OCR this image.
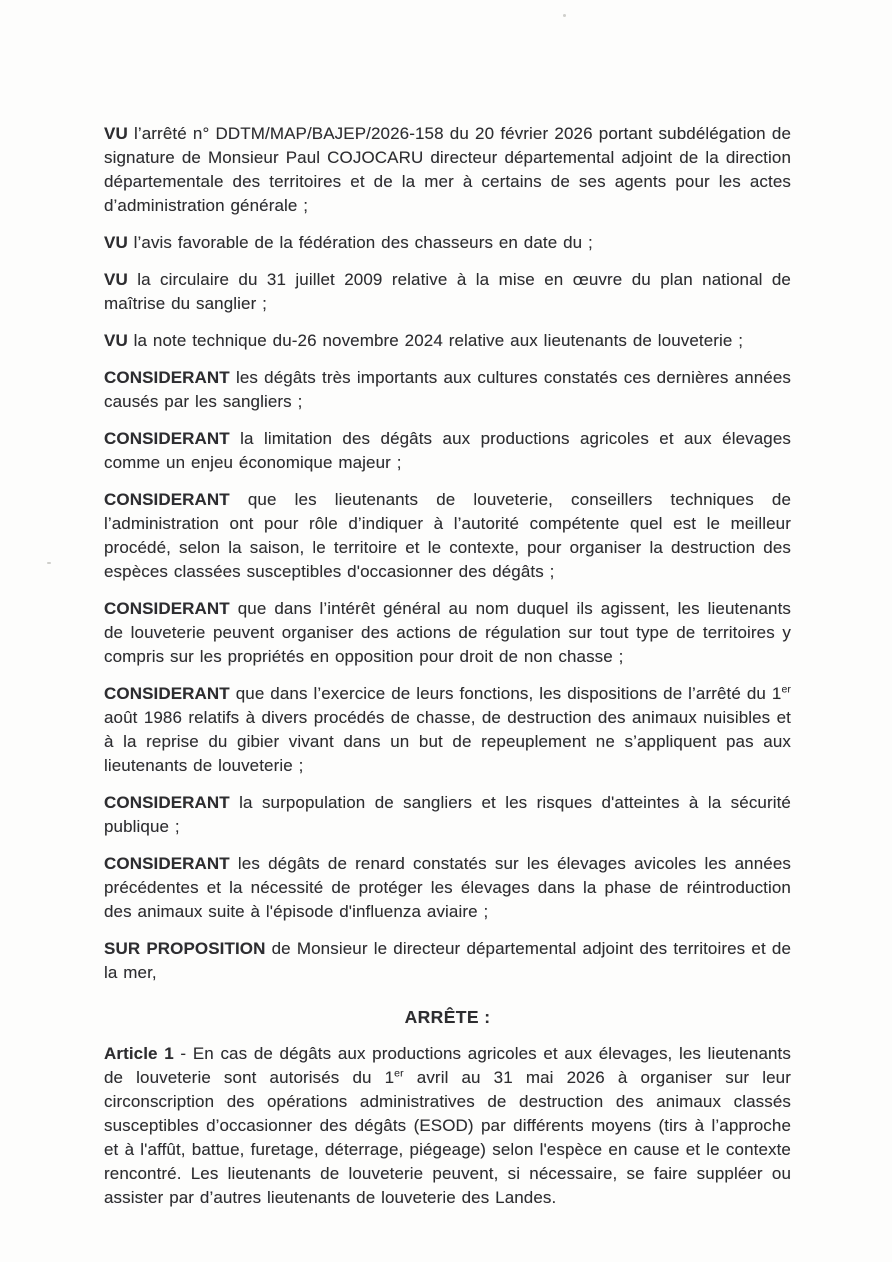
VU l’arrêté n° DDTM/MAP/BAJEP/2026-158 du 20 février 2026 portant subdélégation de signature de Monsieur Paul COJOCARU directeur départemental adjoint de la direction départementale des territoires et de la mer à certains de ses agents pour les actes d’administration générale ;

VU l’avis favorable de la fédération des chasseurs en date du ;

VU la circulaire du 31 juillet 2009 relative à la mise en œuvre du plan national de maîtrise du sanglier ;

VU la note technique du-26 novembre 2024 relative aux lieutenants de louveterie ;

CONSIDERANT les dégâts très importants aux cultures constatés ces dernières années causés par les sangliers ;

CONSIDERANT la limitation des dégâts aux productions agricoles et aux élevages comme un enjeu économique majeur ;

CONSIDERANT que les lieutenants de louveterie, conseillers techniques de l’administration ont pour rôle d’indiquer à l’autorité compétente quel est le meilleur procédé, selon la saison, le territoire et le contexte, pour organiser la destruction des espèces classées susceptibles d'occasionner des dégâts ;

CONSIDERANT que dans l’intérêt général au nom duquel ils agissent, les lieutenants de louveterie peuvent organiser des actions de régulation sur tout type de territoires y compris sur les propriétés en opposition pour droit de non chasse ;

CONSIDERANT que dans l’exercice de leurs fonctions, les dispositions de l’arrêté du 1er août 1986 relatifs à divers procédés de chasse, de destruction des animaux nuisibles et à la reprise du gibier vivant dans un but de repeuplement ne s’appliquent pas aux lieutenants de louveterie ;

CONSIDERANT la surpopulation de sangliers et les risques d'atteintes à la sécurité publique ;

CONSIDERANT les dégâts de renard constatés sur les élevages avicoles les années précédentes et la nécessité de protéger les élevages dans la phase de réintroduction des animaux suite à l'épisode d'influenza aviaire ;

SUR PROPOSITION de Monsieur le directeur départemental adjoint des territoires et de la mer,

ARRÊTE :

Article 1 - En cas de dégâts aux productions agricoles et aux élevages, les lieutenants de louveterie sont autorisés du 1er avril au 31 mai 2026 à organiser sur leur circonscription des opérations administratives de destruction des animaux classés susceptibles d’occasionner des dégâts (ESOD) par différents moyens (tirs à l’approche et à l'affût, battue, furetage, déterrage, piégeage) selon l'espèce en cause et le contexte rencontré. Les lieutenants de louveterie peuvent, si nécessaire, se faire suppléer ou assister par d’autres lieutenants de louveterie des Landes.
